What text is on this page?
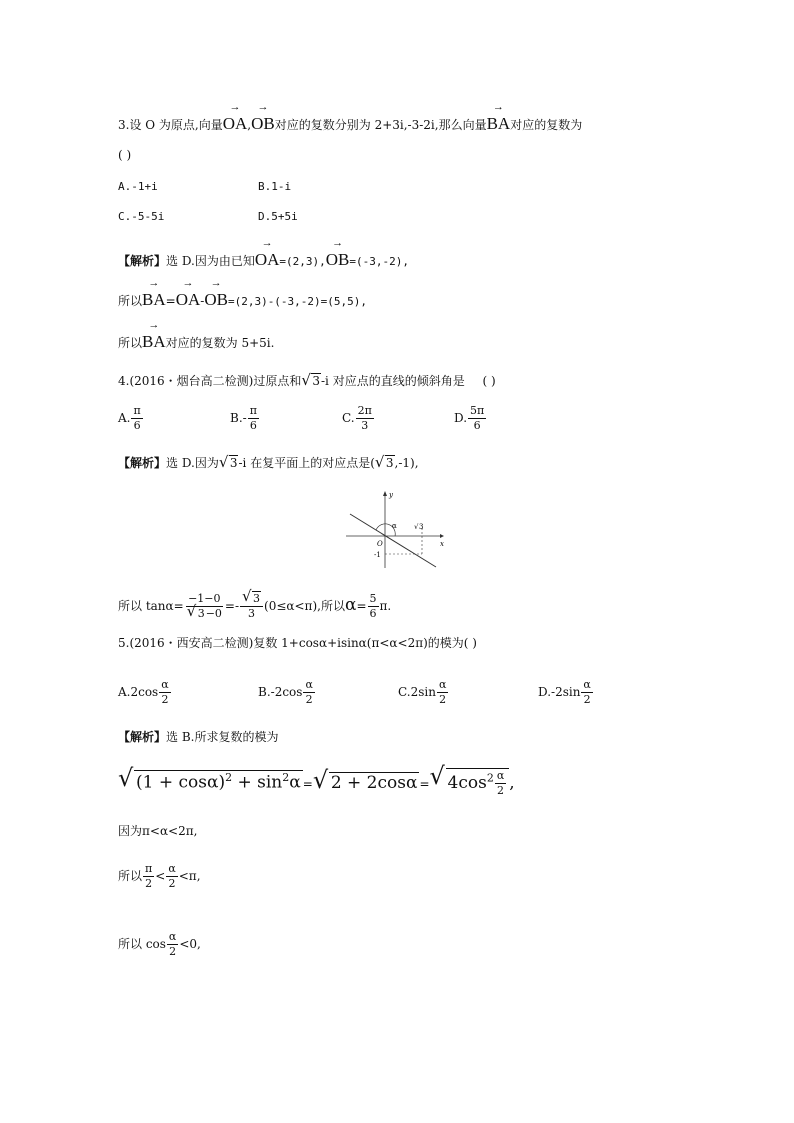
3.设 O 为原点,向量→ OA,→ OB对应的复数分别为 2+3i,-3-2i,那么向量→ BA对应的复数为
( )
A.-1+i	B.1-i
C.-5-5i	D.5+5i
【解析】选 D.因为由已知→ OA=(2,3),→ OB=(-3,-2),
所以→ BA=→ OA-→ OB=(2,3)-(-3,-2)=(5,5),
所以→ BA对应的复数为 5+5i.
4.(2016・烟台高二检测)过原点和 √ 3-i 对应点的直线的倾斜角是 ( )
A. $\frac{\pi}{6}$	$B.- \frac{\pi}{6}$	C. $\frac{2\pi}{3}$	D. $\frac{5\pi}{6}$
【解析】选 D.因为 √ 3-i 在复平面上的对应点是( √ 3,-1),
y
x
O
α √ 3
-1
所以 tanα= −1−0
√ 3−0 =- √ $\frac{3}{3} (0\le\alpha<\pi)$,所以$\alpha= \frac{5}{6} \pi$.
5.(2016・西安高二检测)复数 1+cosα+isinα(π<α<2π)的模为( )
$A.2\cos \frac{\alpha}{2}$	$B.-2\cos \frac{\alpha}{2}$	$C.2\sin \frac{\alpha}{2}$	$D.-2\sin \frac{\alpha}{2}$
【解析】选 B.所求复数的模为
√ $(1 + \cos\alpha)^2 + \sin^2\alpha$ = √ 2 + 2cosα = √ $4\cos^2 \frac{\alpha}{2}$ ,
因为π<α<2π,
所以 $\frac{\pi}{2} < \frac{\alpha}{2} <\pi$,
所以 $\cos \frac{\alpha}{2} <0$,
